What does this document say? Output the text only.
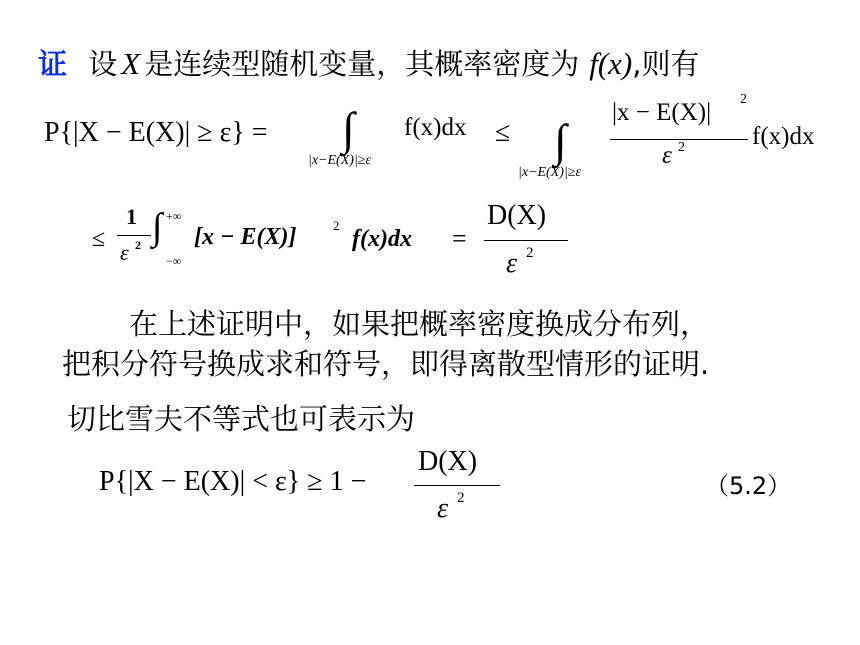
证 设 X 是连续型随机变量，其概率密度为 f(x),则有
P{|X − E(X)| ≥ ε} = ∫
|x−E(X)|≥ε
f(x)dx ≤ ∫
|x−E(X)|≥ε
|x − E(X)| 2
ε 2	f(x)dx
≤
1
ε 2 ∫ +∞
−∞
[x − E(X)]	2
f(x)dx =
D(X)
ε 2
在上述证明中，如果把概率密度换成分布列，
把积分符号换成求和符号，即得离散型情形的证明.
切比雪夫不等式也可表示为
P{|X − E(X)| < ε} ≥ 1 −
D(X)
ε 2	（5.2）
